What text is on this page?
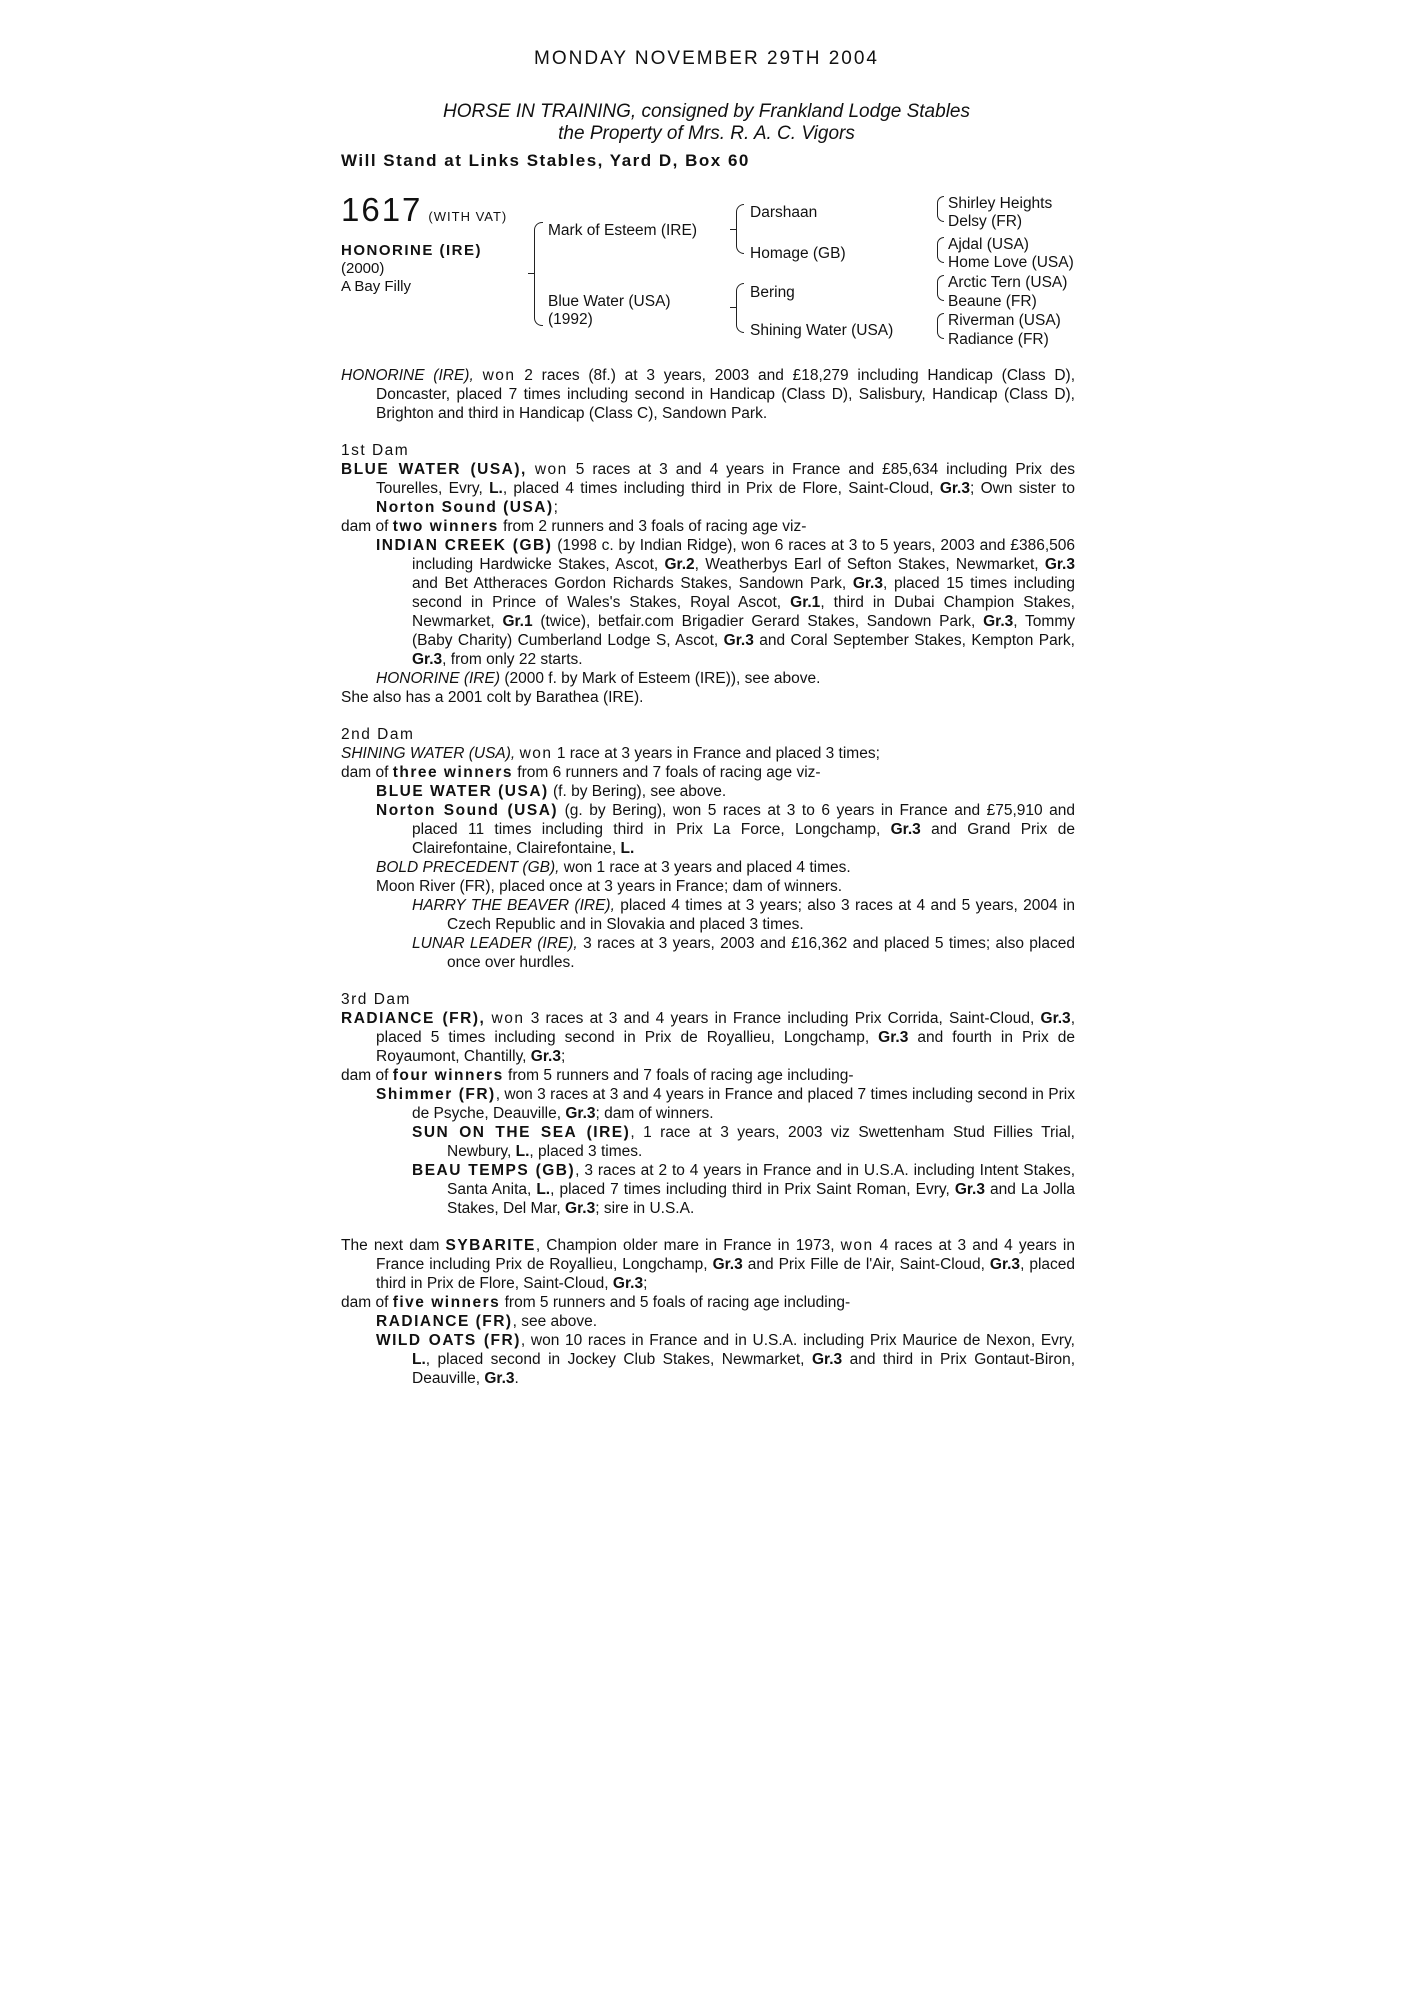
MONDAY NOVEMBER 29TH 2004
HORSE IN TRAINING, consigned by Frankland Lodge Stables
the Property of Mrs. R. A. C. Vigors
Will Stand at Links Stables, Yard D, Box 60
1617 (WITH VAT)
HONORINE (IRE)
(2000)
A Bay Filly
Mark of Esteem (IRE)
Blue Water (USA)
(1992)
Darshaan
Homage (GB)
Bering
Shining Water (USA)
Shirley Heights
Delsy (FR)
Ajdal (USA)
Home Love (USA)
Arctic Tern (USA)
Beaune (FR)
Riverman (USA)
Radiance (FR)

HONORINE (IRE), won 2 races (8f.) at 3 years, 2003 and £18,279 including Handicap (Class D), Doncaster, placed 7 times including second in Handicap (Class D), Salisbury, Handicap (Class D), Brighton and third in Handicap (Class C), Sandown Park.

1st Dam

BLUE WATER (USA), won 5 races at 3 and 4 years in France and £85,634 including Prix des Tourelles, Evry, L., placed 4 times including third in Prix de Flore, Saint-Cloud, Gr.3; Own sister to Norton Sound (USA);

dam of two winners from 2 runners and 3 foals of racing age viz-

INDIAN CREEK (GB) (1998 c. by Indian Ridge), won 6 races at 3 to 5 years, 2003 and £386,506 including Hardwicke Stakes, Ascot, Gr.2, Weatherbys Earl of Sefton Stakes, Newmarket, Gr.3 and Bet Attheraces Gordon Richards Stakes, Sandown Park, Gr.3, placed 15 times including second in Prince of Wales's Stakes, Royal Ascot, Gr.1, third in Dubai Champion Stakes, Newmarket, Gr.1 (twice), betfair.com Brigadier Gerard Stakes, Sandown Park, Gr.3, Tommy (Baby Charity) Cumberland Lodge S, Ascot, Gr.3 and Coral September Stakes, Kempton Park, Gr.3, from only 22 starts.

HONORINE (IRE) (2000 f. by Mark of Esteem (IRE)), see above.

She also has a 2001 colt by Barathea (IRE).

2nd Dam

SHINING WATER (USA), won 1 race at 3 years in France and placed 3 times;

dam of three winners from 6 runners and 7 foals of racing age viz-

BLUE WATER (USA) (f. by Bering), see above.

Norton Sound (USA) (g. by Bering), won 5 races at 3 to 6 years in France and £75,910 and placed 11 times including third in Prix La Force, Longchamp, Gr.3 and Grand Prix de Clairefontaine, Clairefontaine, L.

BOLD PRECEDENT (GB), won 1 race at 3 years and placed 4 times.

Moon River (FR), placed once at 3 years in France; dam of winners.

HARRY THE BEAVER (IRE), placed 4 times at 3 years; also 3 races at 4 and 5 years, 2004 in Czech Republic and in Slovakia and placed 3 times.

LUNAR LEADER (IRE), 3 races at 3 years, 2003 and £16,362 and placed 5 times; also placed once over hurdles.

3rd Dam

RADIANCE (FR), won 3 races at 3 and 4 years in France including Prix Corrida, Saint-Cloud, Gr.3, placed 5 times including second in Prix de Royallieu, Longchamp, Gr.3 and fourth in Prix de Royaumont, Chantilly, Gr.3;

dam of four winners from 5 runners and 7 foals of racing age including-

Shimmer (FR), won 3 races at 3 and 4 years in France and placed 7 times including second in Prix de Psyche, Deauville, Gr.3; dam of winners.

SUN ON THE SEA (IRE), 1 race at 3 years, 2003 viz Swettenham Stud Fillies Trial, Newbury, L., placed 3 times.

BEAU TEMPS (GB), 3 races at 2 to 4 years in France and in U.S.A. including Intent Stakes, Santa Anita, L., placed 7 times including third in Prix Saint Roman, Evry, Gr.3 and La Jolla Stakes, Del Mar, Gr.3; sire in U.S.A.

The next dam SYBARITE, Champion older mare in France in 1973, won 4 races at 3 and 4 years in France including Prix de Royallieu, Longchamp, Gr.3 and Prix Fille de l'Air, Saint-Cloud, Gr.3, placed third in Prix de Flore, Saint-Cloud, Gr.3;

dam of five winners from 5 runners and 5 foals of racing age including-

RADIANCE (FR), see above.

WILD OATS (FR), won 10 races in France and in U.S.A. including Prix Maurice de Nexon, Evry, L., placed second in Jockey Club Stakes, Newmarket, Gr.3 and third in Prix Gontaut-Biron, Deauville, Gr.3.
